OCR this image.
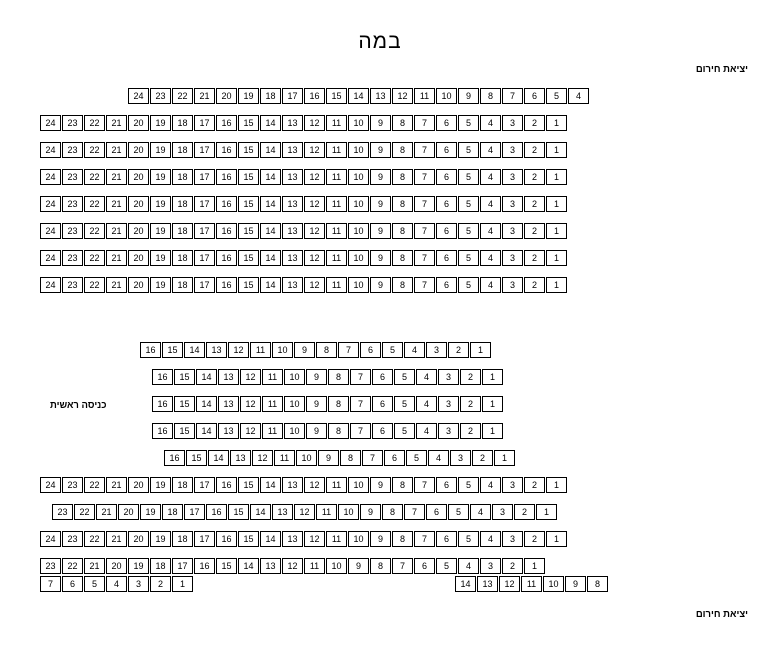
במה
יציאת חירום
יציאת חירום
כניסה ראשית
24	23	22	21	20	19	18	17	16	15	14	13	12	11	10	9	8	7	6	5	4
24	23	22	21	20	19	18	17	16	15	14	13	12	11	10	9	8	7	6	5	4	3	2	1
24	23	22	21	20	19	18	17	16	15	14	13	12	11	10	9	8	7	6	5	4	3	2	1
24	23	22	21	20	19	18	17	16	15	14	13	12	11	10	9	8	7	6	5	4	3	2	1
24	23	22	21	20	19	18	17	16	15	14	13	12	11	10	9	8	7	6	5	4	3	2	1
24	23	22	21	20	19	18	17	16	15	14	13	12	11	10	9	8	7	6	5	4	3	2	1
24	23	22	21	20	19	18	17	16	15	14	13	12	11	10	9	8	7	6	5	4	3	2	1
24	23	22	21	20	19	18	17	16	15	14	13	12	11	10	9	8	7	6	5	4	3	2	1
16	15	14	13	12	11	10	9	8	7	6	5	4	3	2	1
16	15	14	13	12	11	10	9	8	7	6	5	4	3	2	1
16	15	14	13	12	11	10	9	8	7	6	5	4	3	2	1
16	15	14	13	12	11	10	9	8	7	6	5	4	3	2	1
16	15	14	13	12	11	10	9	8	7	6	5	4	3	2	1
24	23	22	21	20	19	18	17	16	15	14	13	12	11	10	9	8	7	6	5	4	3	2	1
23	22	21	20	19	18	17	16	15	14	13	12	11	10	9	8	7	6	5	4	3	2	1
24	23	22	21	20	19	18	17	16	15	14	13	12	11	10	9	8	7	6	5	4	3	2	1
23	22	21	20	19	18	17	16	15	14	13	12	11	10	9	8	7	6	5	4	3	2	1
7	6	5	4	3	2	1	14	13	12	11	10	9	8
